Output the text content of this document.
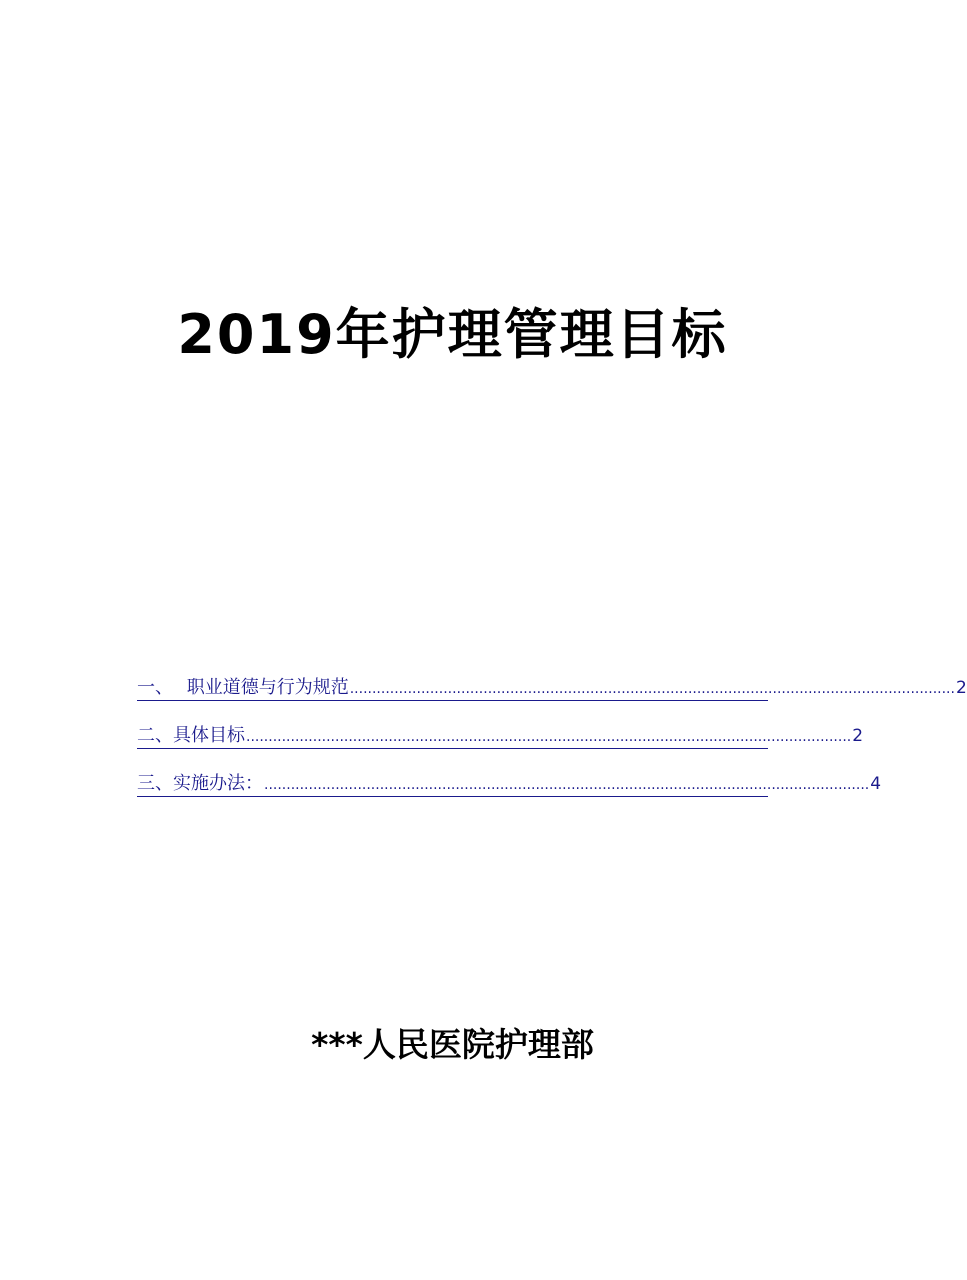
2019年护理管理目标
一、 职业道德与行为规范 ........................................................................................................................................ 2
二、具体目标 ........................................................................................................................................ 2
三、实施办法： ........................................................................................................................................ 4
***人民医院护理部
